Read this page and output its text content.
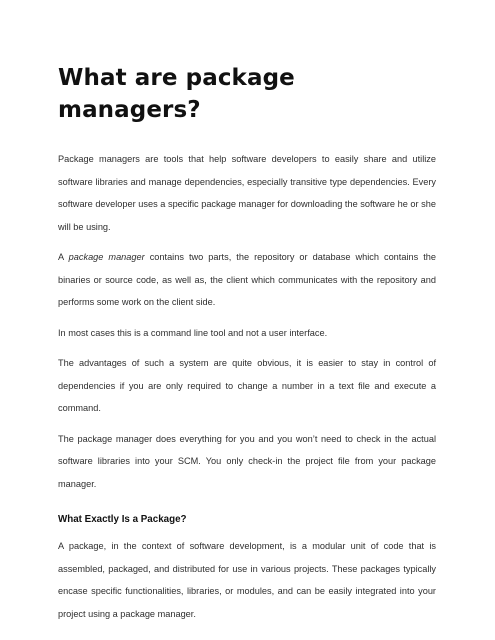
What are package managers?

Package managers are tools that help software developers to easily share and utilize software libraries and manage dependencies, especially transitive type dependencies. Every software developer uses a specific package manager for downloading the software he or she will be using.

A package manager contains two parts, the repository or database which contains the binaries or source code, as well as, the client which communicates with the repository and performs some work on the client side.

In most cases this is a command line tool and not a user interface.

The advantages of such a system are quite obvious, it is easier to stay in control of dependencies if you are only required to change a number in a text file and execute a command.

The package manager does everything for you and you won’t need to check in the actual software libraries into your SCM. You only check-in the project file from your package manager.

What Exactly Is a Package?

A package, in the context of software development, is a modular unit of code that is assembled, packaged, and distributed for use in various projects. These packages typically encase specific functionalities, libraries, or modules, and can be easily integrated into your project using a package manager.
